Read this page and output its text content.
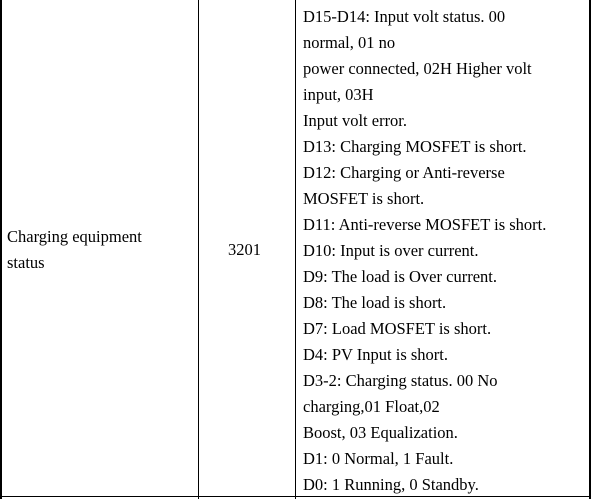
Charging equipment
status
3201
D15-D14: Input volt status. 00
normal, 01 no
power connected, 02H Higher volt
input, 03H
Input volt error.
D13: Charging MOSFET is short.
D12: Charging or Anti-reverse
MOSFET is short.
D11: Anti-reverse MOSFET is short.
D10: Input is over current.
D9: The load is Over current.
D8: The load is short.
D7: Load MOSFET is short.
D4: PV Input is short.
D3-2: Charging status. 00 No
charging,01 Float,02
Boost, 03 Equalization.
D1: 0 Normal, 1 Fault.
D0: 1 Running, 0 Standby.
